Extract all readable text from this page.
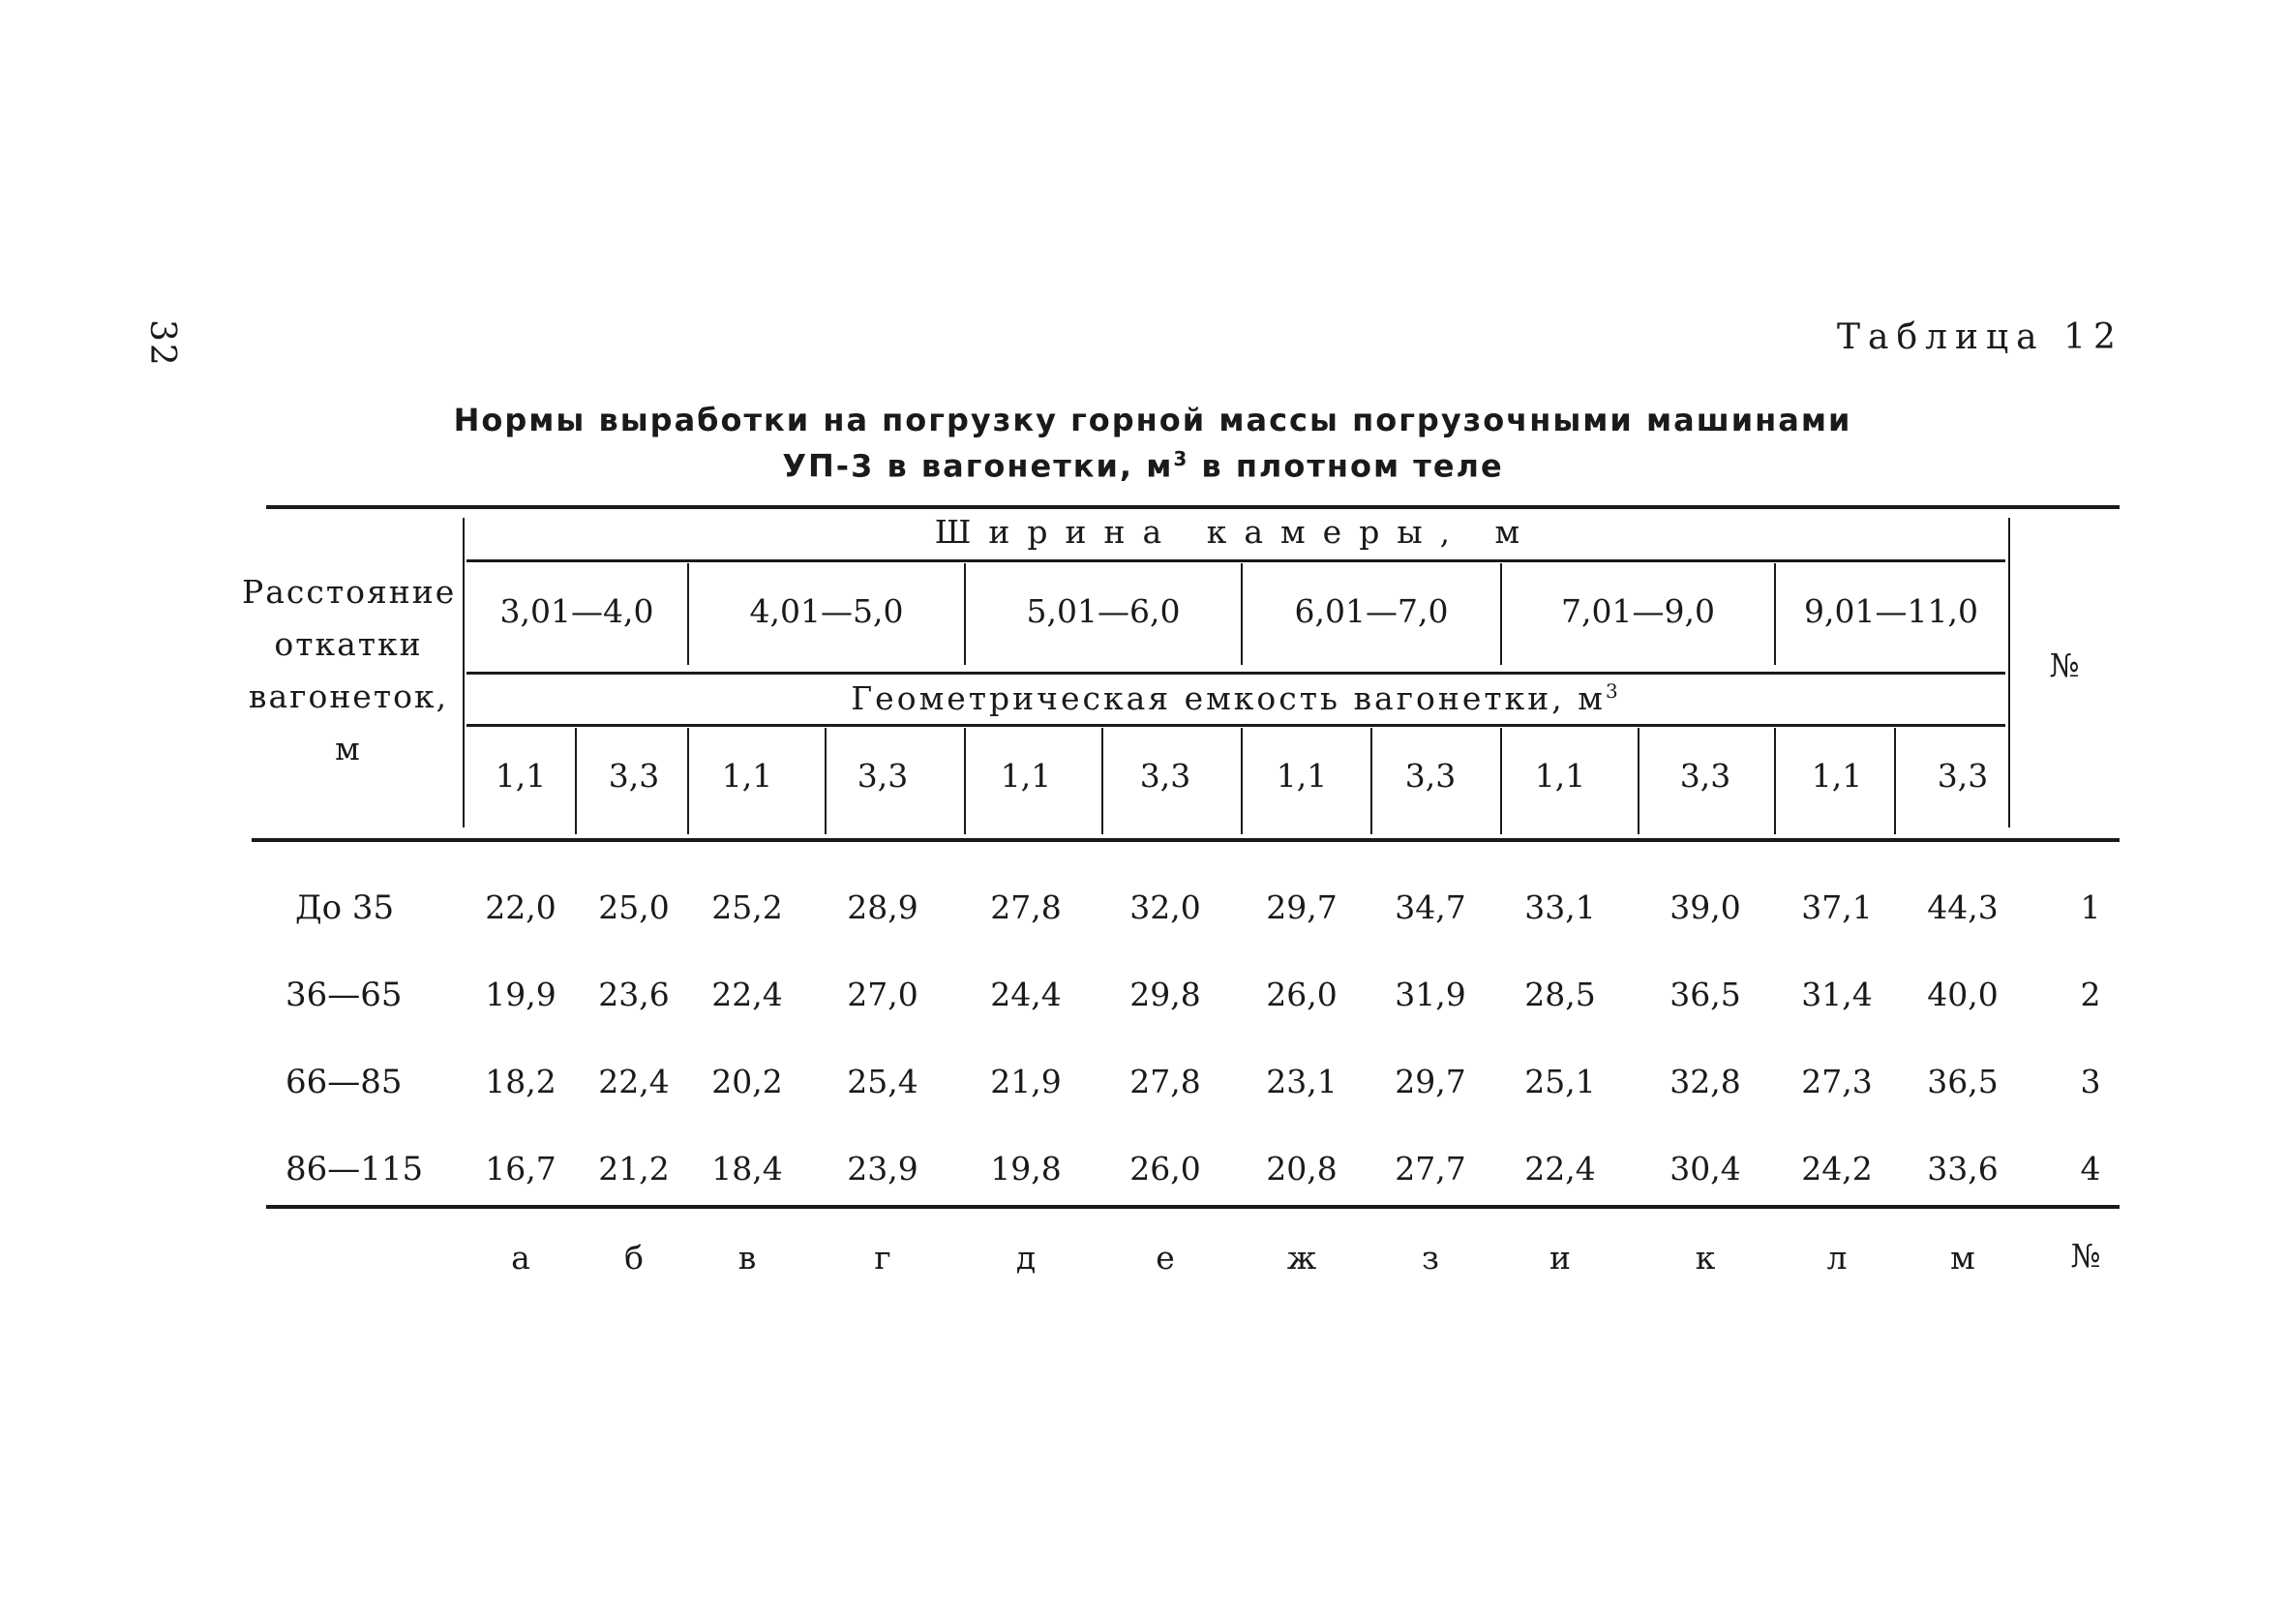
32	Таблица 12
Нормы выработки на погрузку горной массы погрузочными машинами
УП-3 в вагонетки, $м^3$ в плотном теле
Расстояние
откатки
вагонеток,
м
Ширина камеры, м
Геометрическая емкость вагонетки, $м^3$
№
3,01—4,0	4,01—5,0	5,01—6,0	6,01—7,0	7,01—9,0	9,01—11,0
1,1	3,3	1,1	3,3	1,1	3,3	1,1	3,3	1,1	3,3	1,1	3,3
До 35	22,0	25,0	25,2	28,9	27,8	32,0	29,7	34,7	33,1	39,0	37,1	44,3	1
36—65	19,9	23,6	22,4	27,0	24,4	29,8	26,0	31,9	28,5	36,5	31,4	40,0	2
66—85	18,2	22,4	20,2	25,4	21,9	27,8	23,1	29,7	25,1	32,8	27,3	36,5	3
86—115	16,7	21,2	18,4	23,9	19,8	26,0	20,8	27,7	22,4	30,4	24,2	33,6	4
а	б	в	г	д	е	ж	з	и	к	л	м	№
